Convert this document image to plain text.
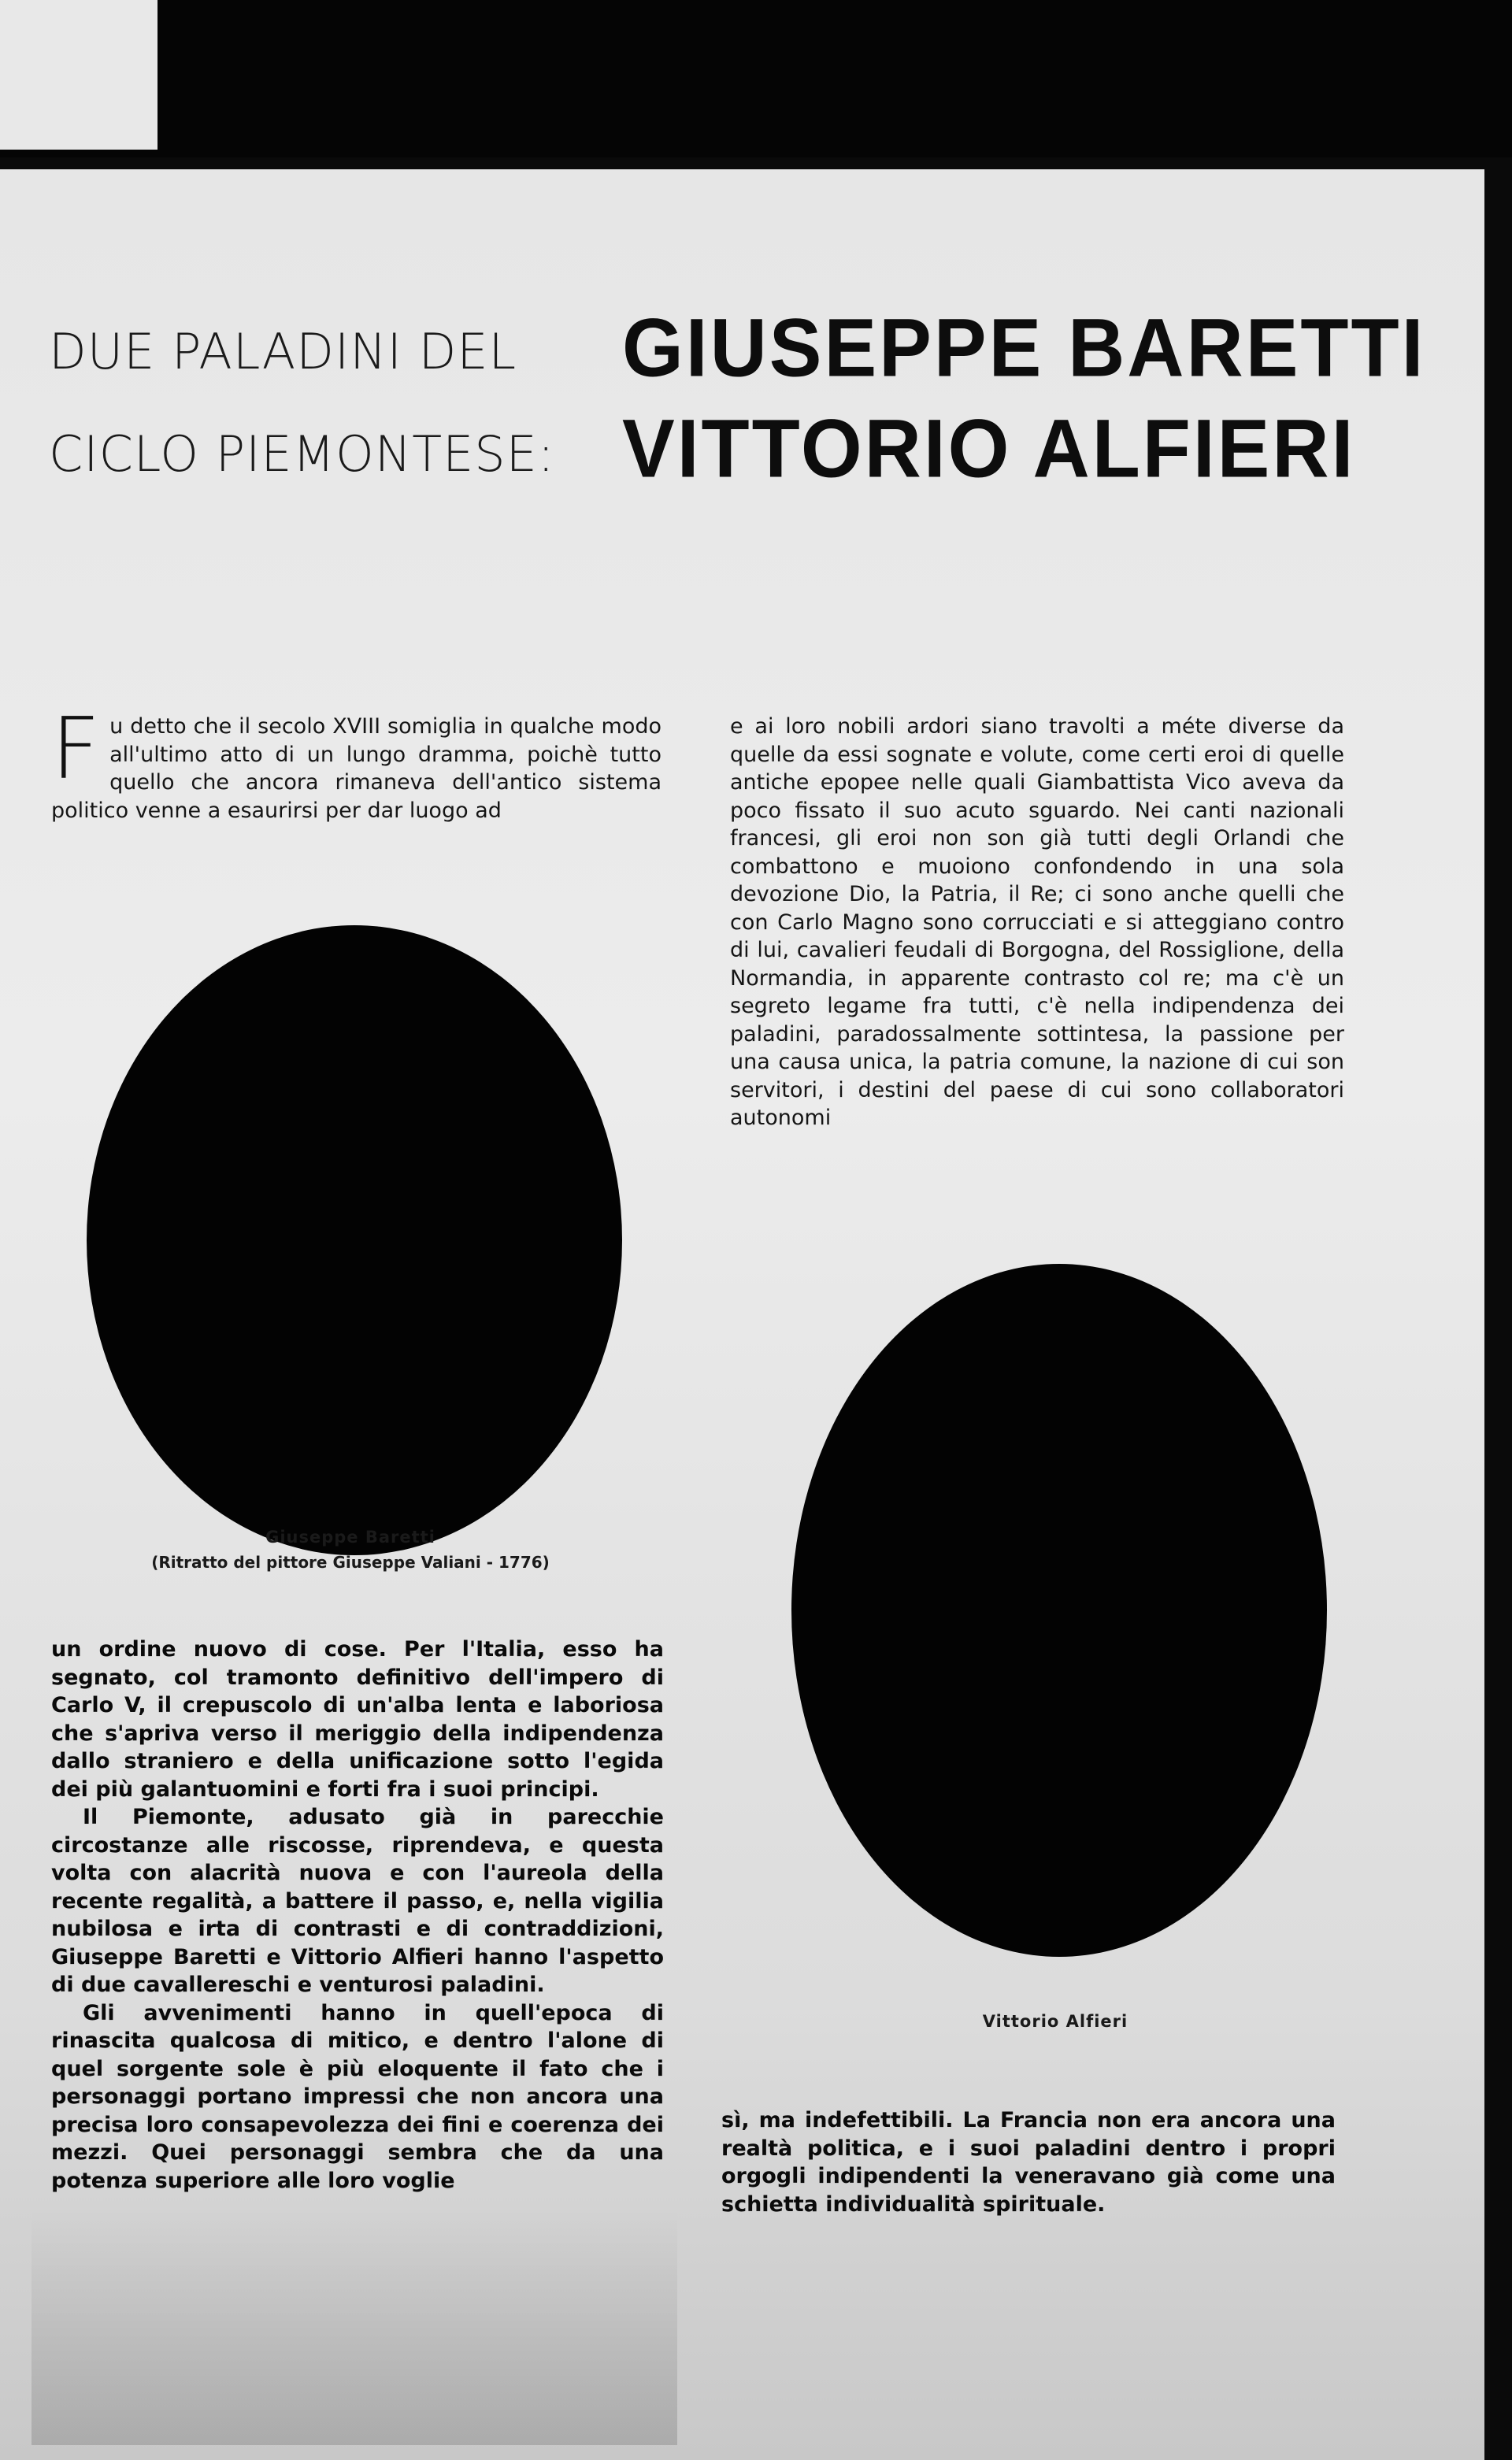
DUE PALADINI DEL
CICLO PIEMONTESE:
GIUSEPPE BARETTI
VITTORIO ALFIERI

Fu detto che il secolo XVIII somiglia in qualche modo all'ultimo atto di un lungo dramma, poichè tutto quello che ancora rimaneva dell'antico sistema politico venne a esaurirsi per dar luogo ad

e ai loro nobili ardori siano travolti a méte diverse da quelle da essi sognate e volute, come certi eroi di quelle antiche epopee nelle quali Giambattista Vico aveva da poco fissato il suo acuto sguardo. Nei canti nazionali francesi, gli eroi non son già tutti degli Orlandi che combattono e muoiono confondendo in una sola devozione Dio, la Patria, il Re; ci sono anche quelli che con Carlo Magno sono corrucciati e si atteggiano contro di lui, cavalieri feudali di Borgogna, del Rossiglione, della Normandia, in apparente contrasto col re; ma c'è un segreto legame fra tutti, c'è nella indipendenza dei paladini, paradossalmente sottintesa, la passione per una causa unica, la patria comune, la nazione di cui son servitori, i destini del paese di cui sono collaboratori autonomi

Giuseppe Baretti
(Ritratto del pittore Giuseppe Valiani - 1776)
Vittorio Alfieri

un ordine nuovo di cose. Per l'Italia, esso ha segnato, col tramonto definitivo dell'impero di Carlo V, il crepuscolo di un'alba lenta e laboriosa che s'apriva verso il meriggio della indipendenza dallo straniero e della unificazione sotto l'egida dei più galantuomini e forti fra i suoi principi.

Il Piemonte, adusato già in parecchie circostanze alle riscosse, riprendeva, e questa volta con alacrità nuova e con l'aureola della recente regalità, a battere il passo, e, nella vigilia nubilosa e irta di contrasti e di contraddizioni, Giuseppe Baretti e Vittorio Alfieri hanno l'aspetto di due cavallereschi e venturosi paladini.

Gli avvenimenti hanno in quell'epoca di rinascita qualcosa di mitico, e dentro l'alone di quel sorgente sole è più eloquente il fato che i personaggi portano impressi che non ancora una precisa loro consapevolezza dei fini e coerenza dei mezzi. Quei personaggi sembra che da una potenza superiore alle loro voglie

sì, ma indefettibili. La Francia non era ancora una realtà politica, e i suoi paladini dentro i propri orgogli indipendenti la veneravano già come una schietta individualità spirituale.
